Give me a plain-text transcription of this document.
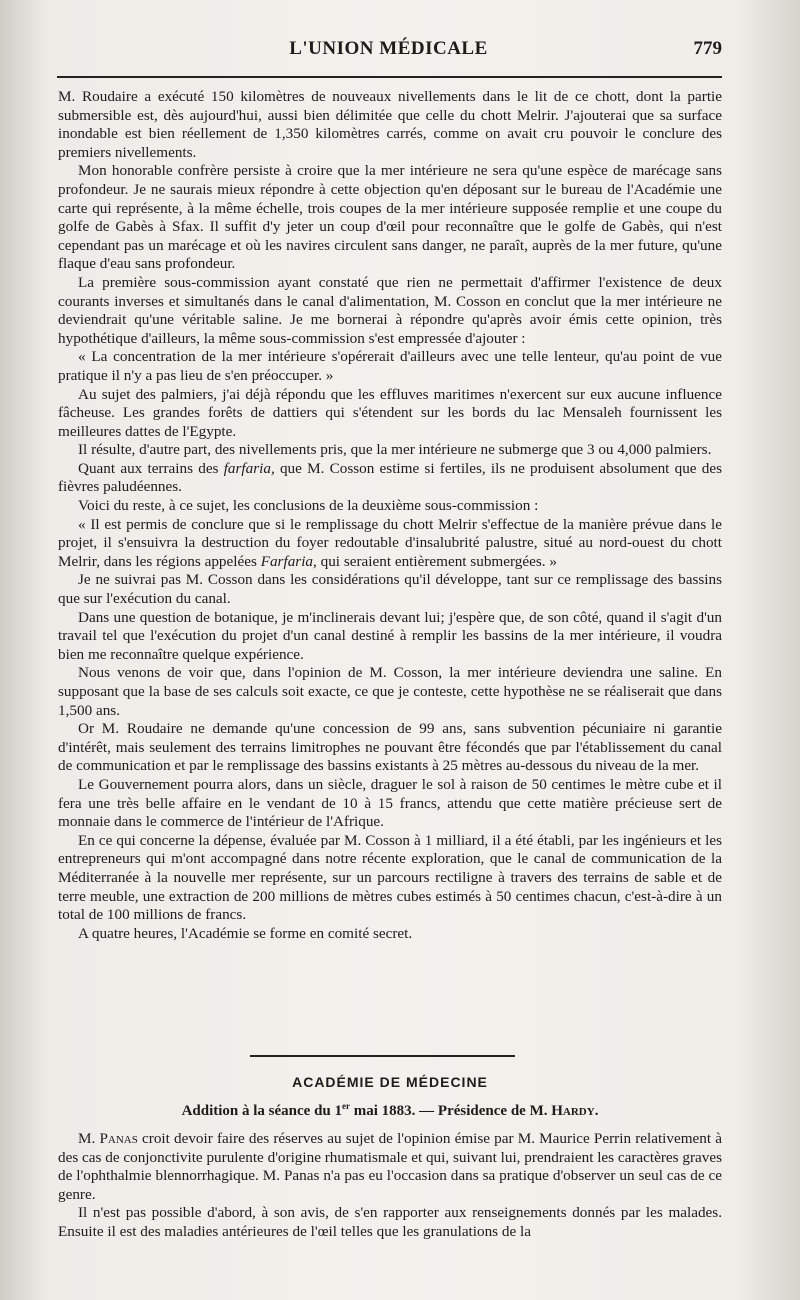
L'UNION MÉDICALE	779

M. Roudaire a exécuté 150 kilomètres de nouveaux nivellements dans le lit de ce chott, dont la partie submersible est, dès aujourd'hui, aussi bien délimitée que celle du chott Melrir. J'ajouterai que sa surface inondable est bien réellement de 1,350 kilomètres carrés, comme on avait cru pouvoir le conclure des premiers nivellements.

Mon honorable confrère persiste à croire que la mer intérieure ne sera qu'une espèce de marécage sans profondeur. Je ne saurais mieux répondre à cette objection qu'en déposant sur le bureau de l'Académie une carte qui représente, à la même échelle, trois coupes de la mer intérieure supposée remplie et une coupe du golfe de Gabès à Sfax. Il suffit d'y jeter un coup d'œil pour reconnaître que le golfe de Gabès, qui n'est cependant pas un marécage et où les navires circulent sans danger, ne paraît, auprès de la mer future, qu'une flaque d'eau sans profondeur.

La première sous-commission ayant constaté que rien ne permettait d'affirmer l'existence de deux courants inverses et simultanés dans le canal d'alimentation, M. Cosson en conclut que la mer intérieure ne deviendrait qu'une véritable saline. Je me bornerai à répondre qu'après avoir émis cette opinion, très hypothétique d'ailleurs, la même sous-commission s'est empressée d'ajouter :

« La concentration de la mer intérieure s'opérerait d'ailleurs avec une telle lenteur, qu'au point de vue pratique il n'y a pas lieu de s'en préoccuper. »

Au sujet des palmiers, j'ai déjà répondu que les effluves maritimes n'exercent sur eux aucune influence fâcheuse. Les grandes forêts de dattiers qui s'étendent sur les bords du lac Mensaleh fournissent les meilleures dattes de l'Egypte.

Il résulte, d'autre part, des nivellements pris, que la mer intérieure ne submerge que 3 ou 4,000 palmiers.

Quant aux terrains des farfaria, que M. Cosson estime si fertiles, ils ne produisent absolument que des fièvres paludéennes.

Voici du reste, à ce sujet, les conclusions de la deuxième sous-commission :

« Il est permis de conclure que si le remplissage du chott Melrir s'effectue de la manière prévue dans le projet, il s'ensuivra la destruction du foyer redoutable d'insalubrité palustre, situé au nord-ouest du chott Melrir, dans les régions appelées Farfaria, qui seraient entièrement submergées. »

Je ne suivrai pas M. Cosson dans les considérations qu'il développe, tant sur ce remplissage des bassins que sur l'exécution du canal.

Dans une question de botanique, je m'inclinerais devant lui; j'espère que, de son côté, quand il s'agit d'un travail tel que l'exécution du projet d'un canal destiné à remplir les bassins de la mer intérieure, il voudra bien me reconnaître quelque expérience.

Nous venons de voir que, dans l'opinion de M. Cosson, la mer intérieure deviendra une saline. En supposant que la base de ses calculs soit exacte, ce que je conteste, cette hypothèse ne se réaliserait que dans 1,500 ans.

Or M. Roudaire ne demande qu'une concession de 99 ans, sans subvention pécuniaire ni garantie d'intérêt, mais seulement des terrains limitrophes ne pouvant être fécondés que par l'établissement du canal de communication et par le remplissage des bassins existants à 25 mètres au-dessous du niveau de la mer.

Le Gouvernement pourra alors, dans un siècle, draguer le sol à raison de 50 centimes le mètre cube et il fera une très belle affaire en le vendant de 10 à 15 francs, attendu que cette matière précieuse sert de monnaie dans le commerce de l'intérieur de l'Afrique.

En ce qui concerne la dépense, évaluée par M. Cosson à 1 milliard, il a été établi, par les ingénieurs et les entrepreneurs qui m'ont accompagné dans notre récente exploration, que le canal de communication de la Méditerranée à la nouvelle mer représente, sur un parcours rectiligne à travers des terrains de sable et de terre meuble, une extraction de 200 millions de mètres cubes estimés à 50 centimes chacun, c'est-à-dire à un total de 100 millions de francs.

A quatre heures, l'Académie se forme en comité secret.

ACADÉMIE DE MÉDECINE
Addition à la séance du 1er mai 1883. — Présidence de M. Hardy.

M. Panas croit devoir faire des réserves au sujet de l'opinion émise par M. Maurice Perrin relativement à des cas de conjonctivite purulente d'origine rhumatismale et qui, suivant lui, prendraient les caractères graves de l'ophthalmie blennorrhagique. M. Panas n'a pas eu l'occasion dans sa pratique d'observer un seul cas de ce genre.

Il n'est pas possible d'abord, à son avis, de s'en rapporter aux renseignements donnés par les malades. Ensuite il est des maladies antérieures de l'œil telles que les granulations de la
